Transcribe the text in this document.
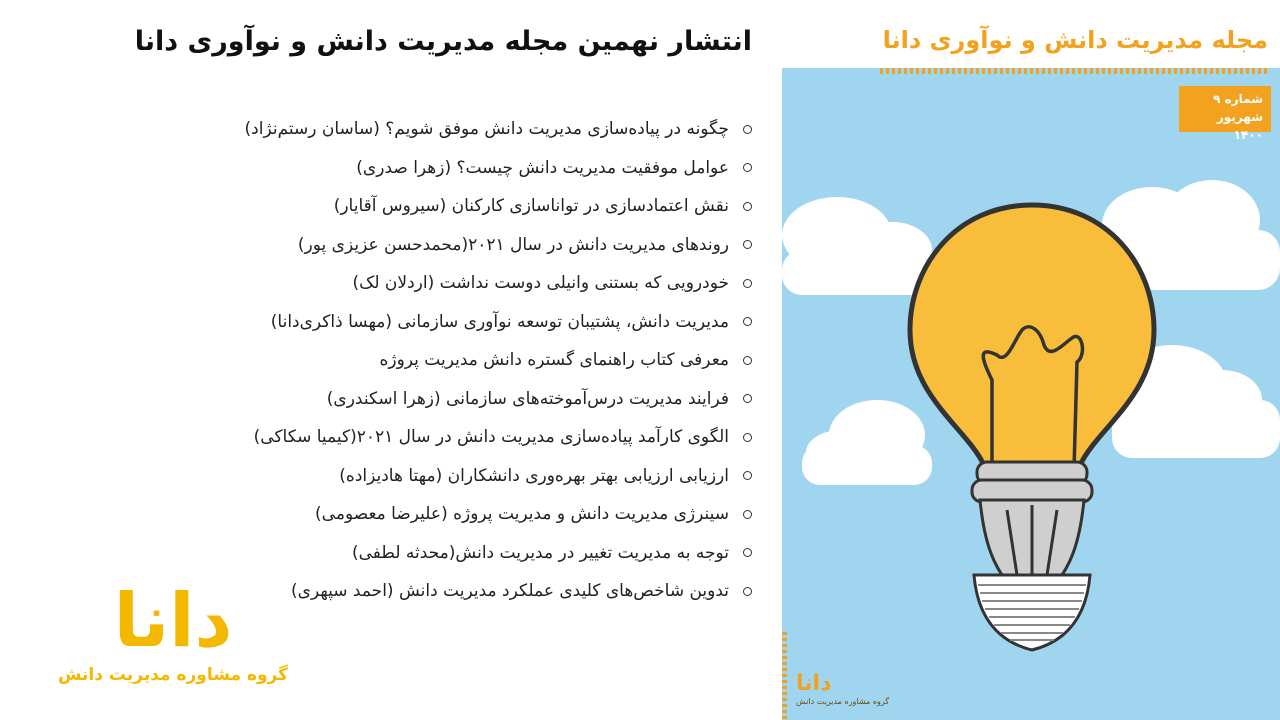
انتشار نهمین مجله مدیریت دانش و نوآوری دانا
چگونه در پیاده‌سازی مدیریت دانش موفق شویم؟ (ساسان رستم‌نژاد)
عوامل موفقیت مدیریت دانش چیست؟ (زهرا صدری)
نقش اعتمادسازی در توانا‌سازی کارکنان (سیروس آقایار)
روندهای مدیریت دانش در سال ۲۰۲۱(محمدحسن عزیزی پور)
خودرویی که بستنی وانیلی دوست نداشت (اردلان لک)
مدیریت دانش، پشتیبان توسعه نوآوری سازمانی (مهسا ذاکری‌دانا)
معرفی کتاب راهنمای گستره دانش مدیریت پروژه
فرایند مدیریت درس‌آموخته‌های سازمانی (زهرا اسکندری)
الگوی کارآمد پیاده‌سازی مدیریت دانش در سال ۲۰۲۱(کیمیا سکاکی)
ارزیابی ارزیابی بهتر بهره‌وری دانشکاران (مهتا هادیزاده)
سینرژی مدیریت دانش و مدیریت پروژه (علیرضا معصومی)
توجه به مدیریت تغییر در مدیریت دانش(محدثه لطفی)
تدوین شاخص‌های کلیدی عملکرد مدیریت دانش (احمد سپهری)
دانا
گروه مشاوره مدیریت دانش
مجله مدیریت دانش و نوآوری دانا
شماره ۹
شهریور ۱۴۰۰
دانا
گروه مشاوره مدیریت دانش
